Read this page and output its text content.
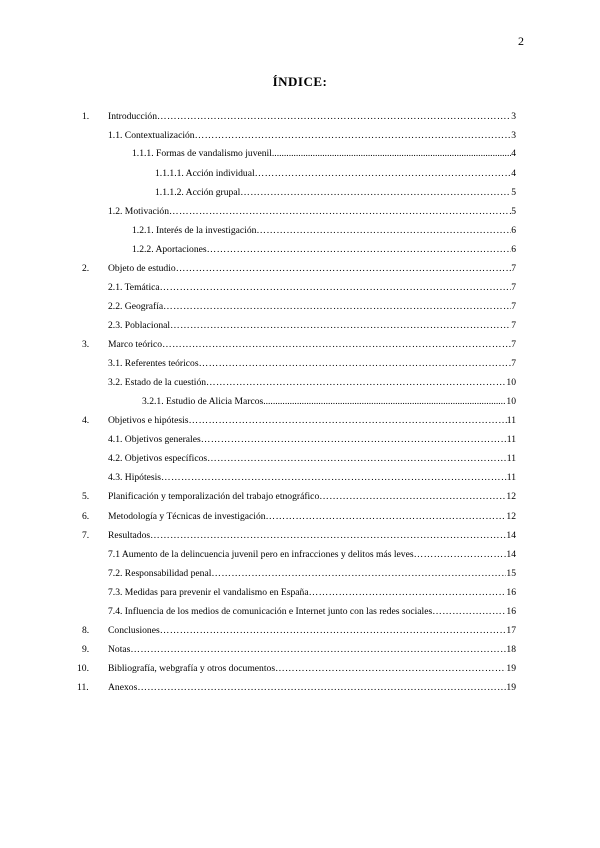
2
ÍNDICE:
1. Introducción …………………………………………………………………………………………………………………………………………………………………………………………………	3
1.1. Contextualización …………………………………………………………………………………………………………………………………………………………………………………………………	3
1.1.1. Formas de vandalismo juvenil .....	4
1.1.1.1. Acción individual …………………………………………………………………………………………………………………………………………………………………………………………………	4
1.1.1.2. Acción grupal …………………………………………………………………………………………………………………………………………………………………………………………………	5
1.2. Motivación …………………………………………………………………………………………………………………………………………………………………………………………………	5
1.2.1. Interés de la investigación …………………………………………………………………………………………………………………………………………………………………………………………………	6
1.2.2. Aportaciones …………………………………………………………………………………………………………………………………………………………………………………………………	6
2. Objeto de estudio …………………………………………………………………………………………………………………………………………………………………………………………………	7
2.1. Temática …………………………………………………………………………………………………………………………………………………………………………………………………	7
2.2. Geografía …………………………………………………………………………………………………………………………………………………………………………………………………	7
2.3. Poblacional …………………………………………………………………………………………………………………………………………………………………………………………………	7
3. Marco teórico …………………………………………………………………………………………………………………………………………………………………………………………………	7
3.1. Referentes teóricos …………………………………………………………………………………………………………………………………………………………………………………………………	7
3.2. Estado de la cuestión …………………………………………………………………………………………………………………………………………………………………………………………………	10
3.2.1. Estudio de Alicia Marcos .....	10
4. Objetivos e hipótesis …………………………………………………………………………………………………………………………………………………………………………………………………	11
4.1. Objetivos generales …………………………………………………………………………………………………………………………………………………………………………………………………	11
4.2. Objetivos específicos …………………………………………………………………………………………………………………………………………………………………………………………………	11
4.3. Hipótesis …………………………………………………………………………………………………………………………………………………………………………………………………	11
5. Planificación y temporalización del trabajo etnográfico …………………………………………………………………………………………………………………………………………………………………………………………………	12
6. Metodología y Técnicas de investigación …………………………………………………………………………………………………………………………………………………………………………………………………	12
7. Resultados …………………………………………………………………………………………………………………………………………………………………………………………………	14
7.1 Aumento de la delincuencia juvenil pero en infracciones y delitos más leves …………………………………………………………………………………………………………………………………………………………………………………………………	14
7.2. Responsabilidad penal …………………………………………………………………………………………………………………………………………………………………………………………………	15
7.3. Medidas para prevenir el vandalismo en España …………………………………………………………………………………………………………………………………………………………………………………………………	16
7.4. Influencia de los medios de comunicación e Internet junto con las redes sociales …………………………………………………………………………………………………………………………………………………………………………………………………	16
8. Conclusiones …………………………………………………………………………………………………………………………………………………………………………………………………	17
9. Notas …………………………………………………………………………………………………………………………………………………………………………………………………	18
10. Bibliografía, webgrafía y otros documentos …………………………………………………………………………………………………………………………………………………………………………………………………	19
11. Anexos …………………………………………………………………………………………………………………………………………………………………………………………………	19
